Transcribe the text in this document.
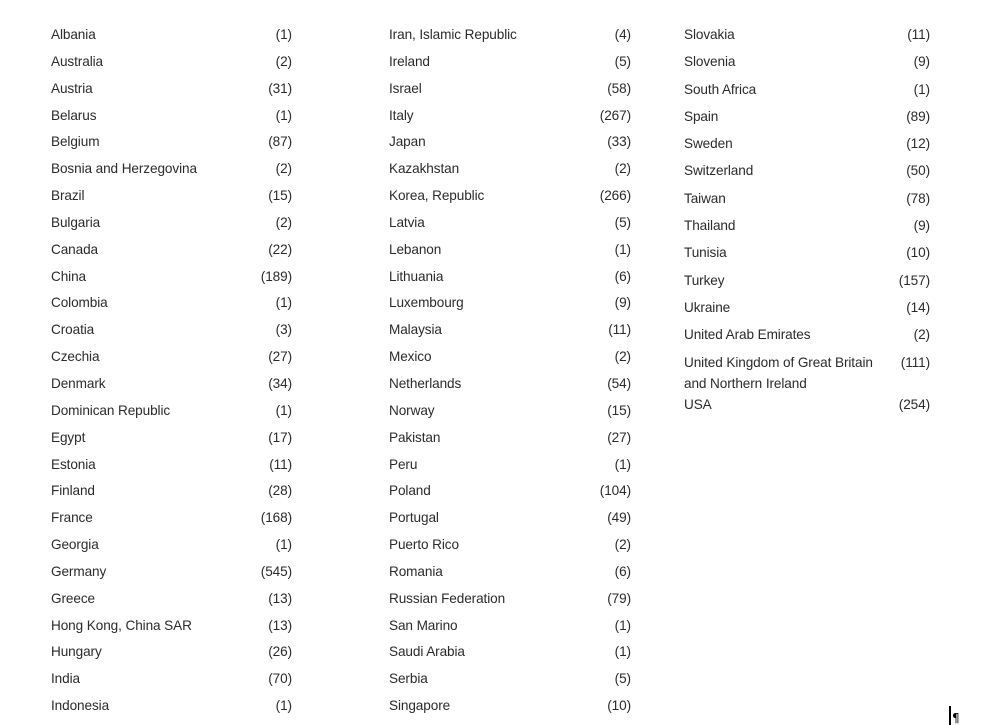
Albania	(1)
Australia	(2)
Austria	(31)
Belarus	(1)
Belgium	(87)
Bosnia and Herzegovina	(2)
Brazil	(15)
Bulgaria	(2)
Canada	(22)
China	(189)
Colombia	(1)
Croatia	(3)
Czechia	(27)
Denmark	(34)
Dominican Republic	(1)
Egypt	(17)
Estonia	(11)
Finland	(28)
France	(168)
Georgia	(1)
Germany	(545)
Greece	(13)
Hong Kong, China SAR	(13)
Hungary	(26)
India	(70)
Indonesia	(1)
Iran, Islamic Republic	(4)
Ireland	(5)
Israel	(58)
Italy	(267)
Japan	(33)
Kazakhstan	(2)
Korea, Republic	(266)
Latvia	(5)
Lebanon	(1)
Lithuania	(6)
Luxembourg	(9)
Malaysia	(11)
Mexico	(2)
Netherlands	(54)
Norway	(15)
Pakistan	(27)
Peru	(1)
Poland	(104)
Portugal	(49)
Puerto Rico	(2)
Romania	(6)
Russian Federation	(79)
San Marino	(1)
Saudi Arabia	(1)
Serbia	(5)
Singapore	(10)
Slovakia	(11)
Slovenia	(9)
South Africa	(1)
Spain	(89)
Sweden	(12)
Switzerland	(50)
Taiwan	(78)
Thailand	(9)
Tunisia	(10)
Turkey	(157)
Ukraine	(14)
United Arab Emirates	(2)
United Kingdom of Great Britain and Northern Ireland
(111)
USA	(254)
¶
